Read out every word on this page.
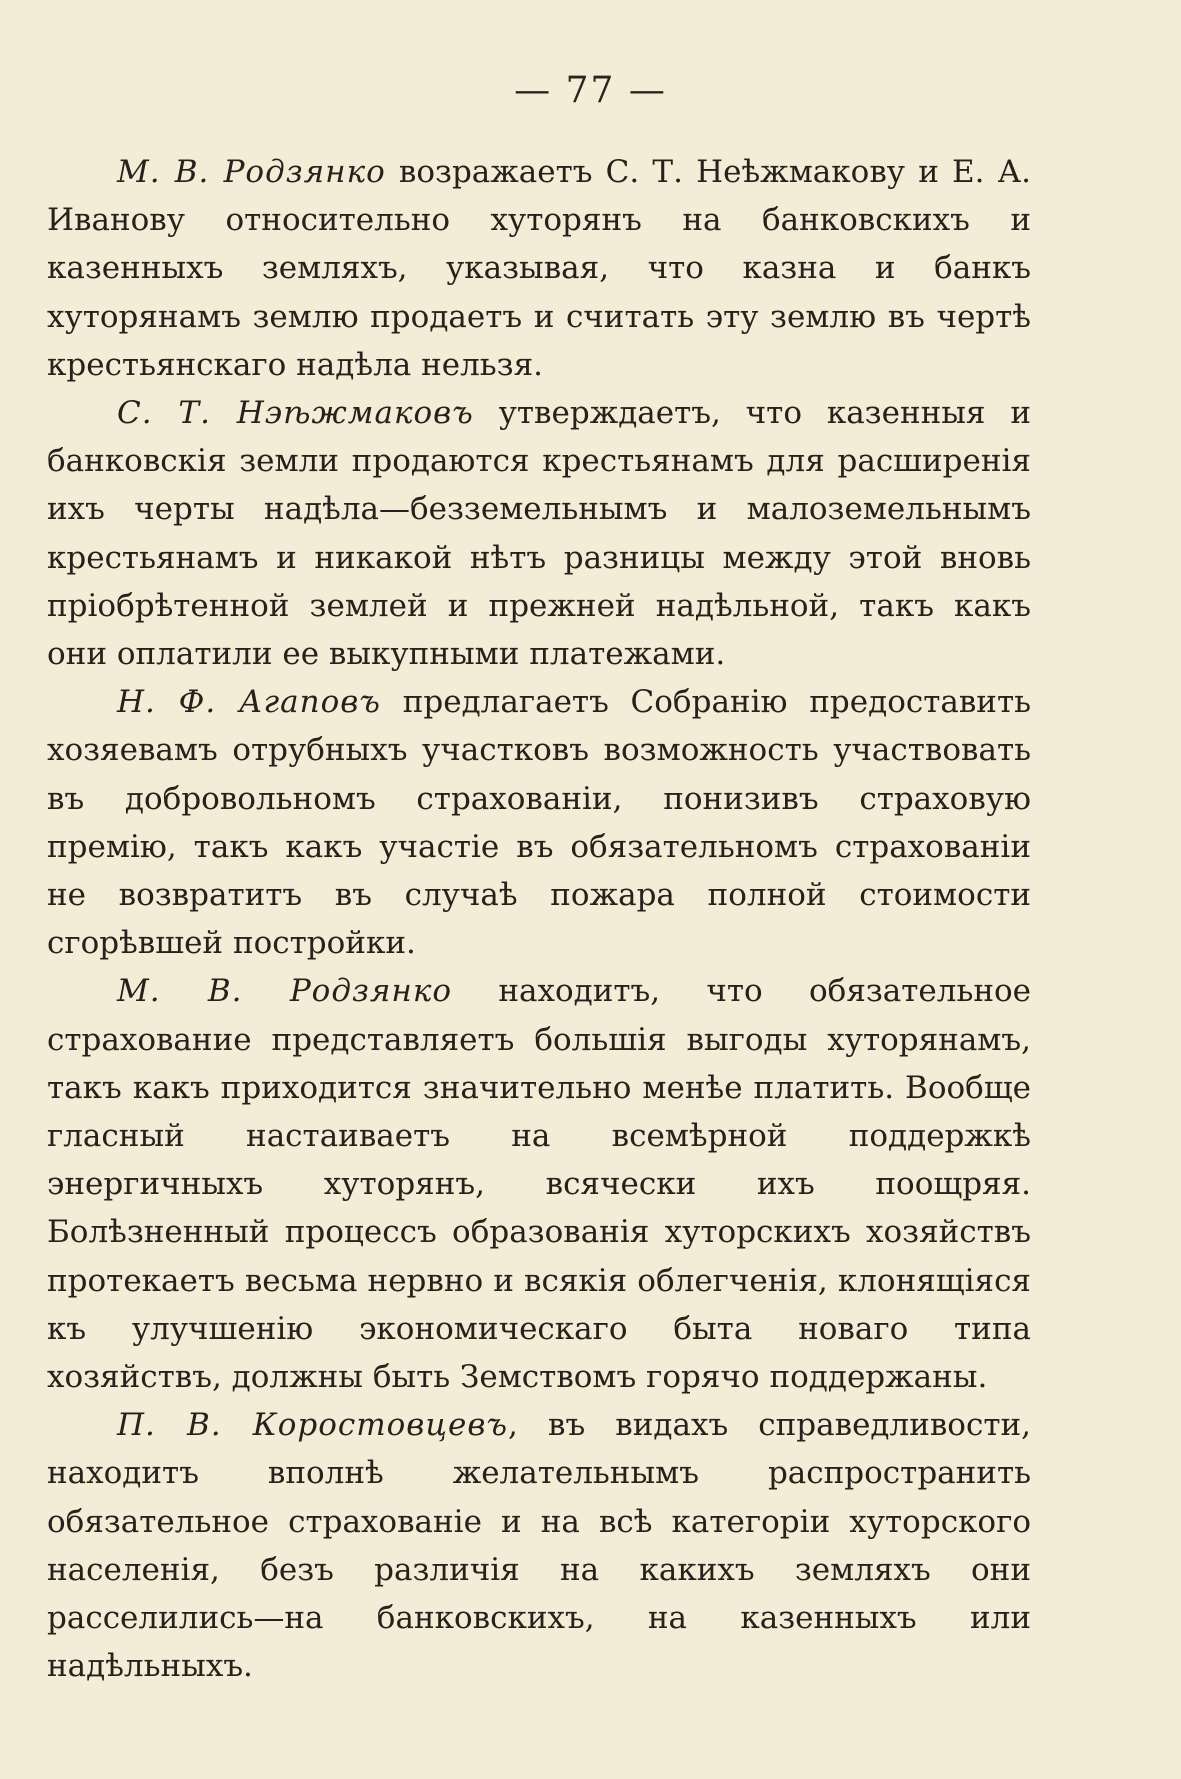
— 77 —

М. В. Родзянко возражаетъ С. Т. Неѣжмакову и Е. А. Иванову относительно хуторянъ на банковскихъ и казенныхъ земляхъ, указывая, что казна и банкъ хуторянамъ землю продаетъ и считать эту землю въ чертѣ крестьянскаго надѣла нельзя.

С. Т. Нэѣжмаковъ утверждаетъ, что казенныя и банковскія земли продаются крестьянамъ для расширенія ихъ черты надѣла—безземельнымъ и малоземельнымъ крестьянамъ и никакой нѣтъ разницы между этой вновь пріобрѣтенной землей и прежней надѣльной, такъ какъ они оплатили ее выкупными платежами.

Н. Ф. Агаповъ предлагаетъ Собранію предоставить хозяевамъ отрубныхъ участковъ возможность участвовать въ добровольномъ страхованіи, понизивъ страховую премію, такъ какъ участіе въ обязательномъ страхованіи не возвратитъ въ случаѣ пожара полной стоимости сгорѣвшей постройки.

М. В. Родзянко находитъ, что обязательное страхование представляетъ большія выгоды хуторянамъ, такъ какъ приходится значительно менѣе платить. Вообще гласный настаиваетъ на всемѣрной поддержкѣ энергичныхъ хуторянъ, всячески ихъ поощряя. Болѣзненный процессъ образованія хуторскихъ хозяйствъ протекаетъ весьма нервно и всякія облегченія, клонящіяся къ улучшенію экономическаго быта новаго типа хозяйствъ, должны быть Земствомъ горячо поддержаны.

П. В. Коростовцевъ, въ видахъ справедливости, находитъ вполнѣ желательнымъ распространить обязательное страхованіе и на всѣ категоріи хуторского населенія, безъ различія на какихъ земляхъ они расселились—на банковскихъ, на казенныхъ или надѣльныхъ.
